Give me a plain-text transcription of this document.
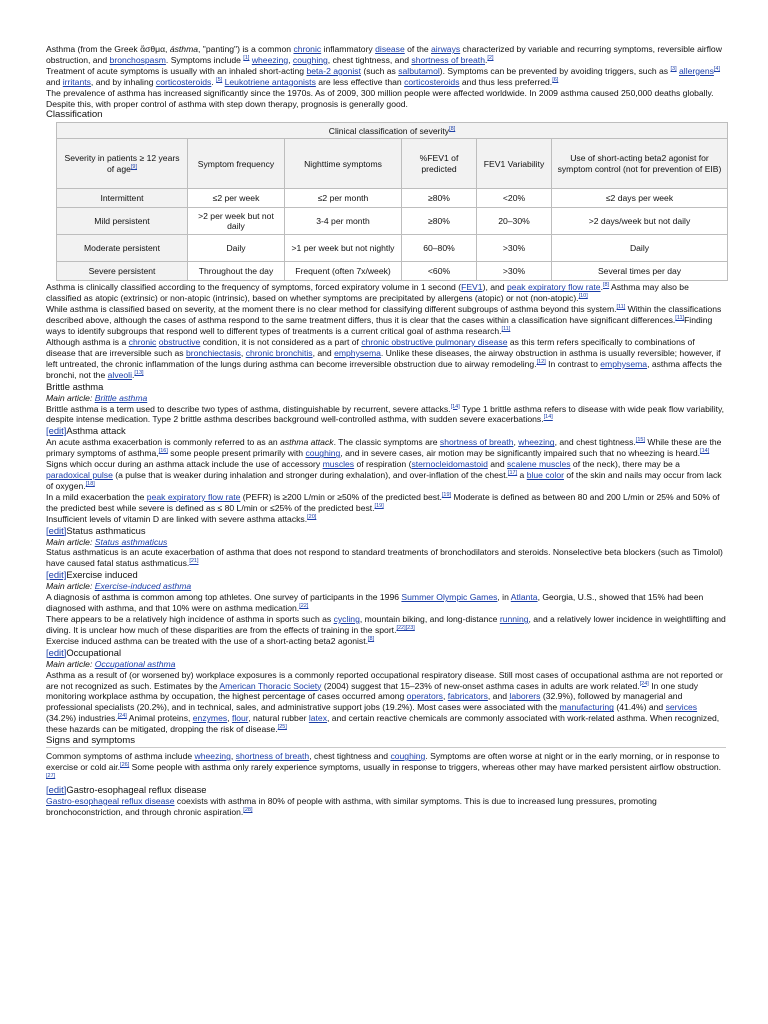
Asthma (from the Greek ἅσθμα, ásthma, "panting") is a common chronic inflammatory disease of the airways characterized by variable and recurring symptoms, reversible airflow obstruction, and bronchospasm. Symptoms include [1] wheezing, coughing, chest tightness, and shortness of breath.[2]

Treatment of acute symptoms is usually with an inhaled short-acting beta-2 agonist (such as salbutamol). Symptoms can be prevented by avoiding triggers, such as [3] allergens[4] and irritants, and by inhaling corticosteroids. [5] Leukotriene antagonists are less effective than corticosteroids and thus less preferred.[6]

The prevalence of asthma has increased significantly since the 1970s. As of 2009, 300 million people were affected worldwide. In 2009 asthma caused 250,000 deaths globally. Despite this, with proper control of asthma with step down therapy, prognosis is generally good.

Classification

Clinical classification of severity[8]
Severity in patients ≥ 12 years of age[9]	Symptom frequency	Nighttime symptoms	%FEV1 of predicted	FEV1 Variability	Use of short-acting beta2 agonist for symptom control (not for prevention of EIB)
Intermittent	≤2 per week	≤2 per month	≥80%	<20%	≤2 days per week
Mild persistent	>2 per week but not daily	3-4 per month	≥80%	20–30%	>2 days/week but not daily
Moderate persistent	Daily	>1 per week but not nightly	60–80%	>30%	Daily
Severe persistent	Throughout the day	Frequent (often 7x/week)	<60%	>30%	Several times per day

Asthma is clinically classified according to the frequency of symptoms, forced expiratory volume in 1 second (FEV1), and peak expiratory flow rate.[8] Asthma may also be classified as atopic (extrinsic) or non-atopic (intrinsic), based on whether symptoms are precipitated by allergens (atopic) or not (non-atopic).[10]

While asthma is classified based on severity, at the moment there is no clear method for classifying different subgroups of asthma beyond this system.[11] Within the classifications described above, although the cases of asthma respond to the same treatment differs, thus it is clear that the cases within a classification have significant differences.[11]Finding ways to identify subgroups that respond well to different types of treatments is a current critical goal of asthma research.[11]

Although asthma is a chronic obstructive condition, it is not considered as a part of chronic obstructive pulmonary disease as this term refers specifically to combinations of disease that are irreversible such as bronchiectasis, chronic bronchitis, and emphysema. Unlike these diseases, the airway obstruction in asthma is usually reversible; however, if left untreated, the chronic inflammation of the lungs during asthma can become irreversible obstruction due to airway remodeling.[12] In contrast to emphysema, asthma affects the bronchi, not the alveoli.[13]

Brittle asthma

Main article: Brittle asthma

Brittle asthma is a term used to describe two types of asthma, distinguishable by recurrent, severe attacks.[14] Type 1 brittle asthma refers to disease with wide peak flow variability, despite intense medication. Type 2 brittle asthma describes background well-controlled asthma, with sudden severe exacerbations.[14]

[edit]Asthma attack

An acute asthma exacerbation is commonly referred to as an asthma attack. The classic symptoms are shortness of breath, wheezing, and chest tightness.[15] While these are the primary symptoms of asthma,[16] some people present primarily with coughing, and in severe cases, air motion may be significantly impaired such that no wheezing is heard.[14]

Signs which occur during an asthma attack include the use of accessory muscles of respiration (sternocleidomastoid and scalene muscles of the neck), there may be a paradoxical pulse (a pulse that is weaker during inhalation and stronger during exhalation), and over-inflation of the chest.[17] a blue color of the skin and nails may occur from lack of oxygen.[18]

In a mild exacerbation the peak expiratory flow rate (PEFR) is ≥200 L/min or ≥50% of the predicted best.[19] Moderate is defined as between 80 and 200 L/min or 25% and 50% of the predicted best while severe is defined as ≤ 80 L/min or ≤25% of the predicted best.[19]

Insufficient levels of vitamin D are linked with severe asthma attacks.[20]

[edit]Status asthmaticus

Main article: Status asthmaticus

Status asthmaticus is an acute exacerbation of asthma that does not respond to standard treatments of bronchodilators and steroids. Nonselective beta blockers (such as Timolol) have caused fatal status asthmaticus.[21]

[edit]Exercise induced

Main article: Exercise-induced asthma

A diagnosis of asthma is common among top athletes. One survey of participants in the 1996 Summer Olympic Games, in Atlanta, Georgia, U.S., showed that 15% had been diagnosed with asthma, and that 10% were on asthma medication.[22]

There appears to be a relatively high incidence of asthma in sports such as cycling, mountain biking, and long-distance running, and a relatively lower incidence in weightlifting and diving. It is unclear how much of these disparities are from the effects of training in the sport.[22][23]

Exercise induced asthma can be treated with the use of a short-acting beta2 agonist.[8]

[edit]Occupational

Main article: Occupational asthma

Asthma as a result of (or worsened by) workplace exposures is a commonly reported occupational respiratory disease. Still most cases of occupational asthma are not reported or are not recognized as such. Estimates by the American Thoracic Society (2004) suggest that 15–23% of new-onset asthma cases in adults are work related.[24] In one study monitoring workplace asthma by occupation, the highest percentage of cases occurred among operators, fabricators, and laborers (32.9%), followed by managerial and professional specialists (20.2%), and in technical, sales, and administrative support jobs (19.2%). Most cases were associated with the manufacturing (41.4%) and services (34.2%) industries.[24] Animal proteins, enzymes, flour, natural rubber latex, and certain reactive chemicals are commonly associated with work-related asthma. When recognized, these hazards can be mitigated, dropping the risk of disease.[25]

Signs and symptoms

Common symptoms of asthma include wheezing, shortness of breath, chest tightness and coughing. Symptoms are often worse at night or in the early morning, or in response to exercise or cold air.[26] Some people with asthma only rarely experience symptoms, usually in response to triggers, whereas other may have marked persistent airflow obstruction.[27]

[edit]Gastro-esophageal reflux disease

Gastro-esophageal reflux disease coexists with asthma in 80% of people with asthma, with similar symptoms. This is due to increased lung pressures, promoting bronchoconstriction, and through chronic aspiration.[28]
